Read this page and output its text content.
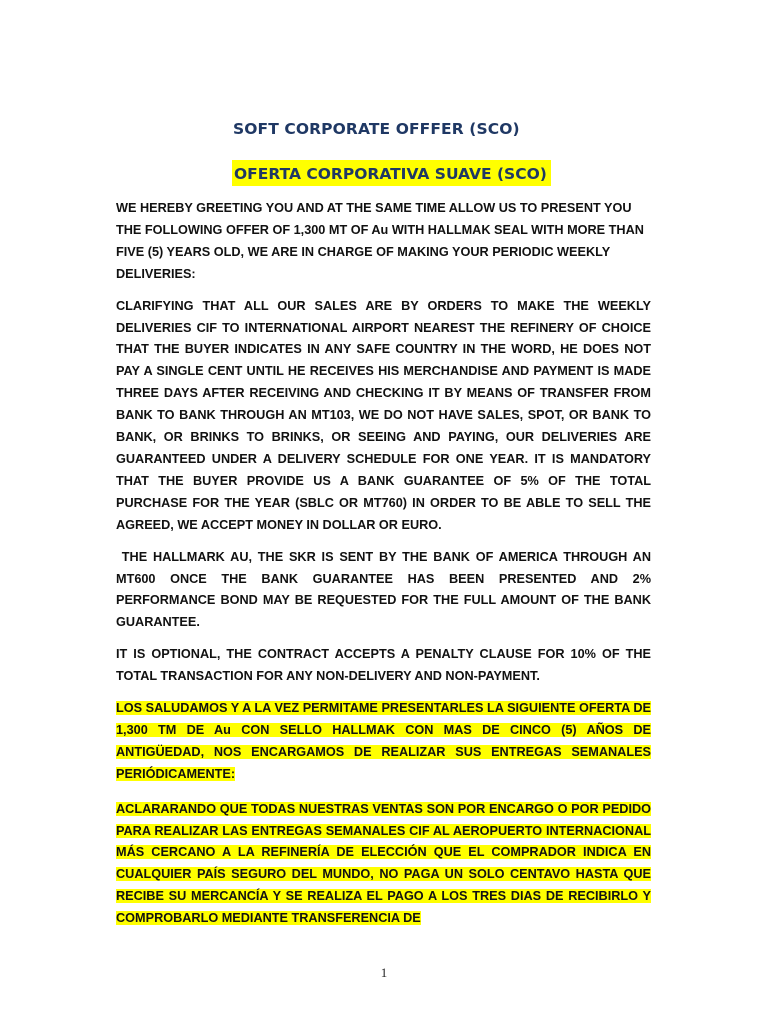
SOFT CORPORATE OFFFER (SCO)

OFERTA CORPORATIVA SUAVE (SCO)

WE HEREBY GREETING YOU AND AT THE SAME TIME ALLOW US TO PRESENT YOU THE FOLLOWING OFFER OF 1,300 MT OF Au WITH HALLMAK SEAL WITH MORE THAN FIVE (5) YEARS OLD, WE ARE IN CHARGE OF MAKING YOUR PERIODIC WEEKLY DELIVERIES:

CLARIFYING THAT ALL OUR SALES ARE BY ORDERS TO MAKE THE WEEKLY DELIVERIES CIF TO INTERNATIONAL AIRPORT NEAREST THE REFINERY OF CHOICE THAT THE BUYER INDICATES IN ANY SAFE COUNTRY IN THE WORD, HE DOES NOT PAY A SINGLE CENT UNTIL HE RECEIVES HIS MERCHANDISE AND PAYMENT IS MADE THREE DAYS AFTER RECEIVING AND CHECKING IT BY MEANS OF TRANSFER FROM BANK TO BANK THROUGH AN MT103, WE DO NOT HAVE SALES, SPOT, OR BANK TO BANK, OR BRINKS TO BRINKS, OR SEEING AND PAYING, OUR DELIVERIES ARE GUARANTEED UNDER A DELIVERY SCHEDULE FOR ONE YEAR. IT IS MANDATORY THAT THE BUYER PROVIDE US A BANK GUARANTEE OF 5% OF THE TOTAL PURCHASE FOR THE YEAR (SBLC OR MT760) IN ORDER TO BE ABLE TO SELL THE AGREED, WE ACCEPT MONEY IN DOLLAR OR EURO.

THE HALLMARK AU, THE SKR IS SENT BY THE BANK OF AMERICA THROUGH AN MT600 ONCE THE BANK GUARANTEE HAS BEEN PRESENTED AND 2% PERFORMANCE BOND MAY BE REQUESTED FOR THE FULL AMOUNT OF THE BANK GUARANTEE.

IT IS OPTIONAL, THE CONTRACT ACCEPTS A PENALTY CLAUSE FOR 10% OF THE TOTAL TRANSACTION FOR ANY NON-DELIVERY AND NON-PAYMENT.

LOS SALUDAMOS Y A LA VEZ PERMITAME PRESENTARLES LA SIGUIENTE OFERTA DE 1,300 TM DE Au CON SELLO HALLMAK CON MAS DE CINCO (5) AÑOS DE ANTIGÜEDAD, NOS ENCARGAMOS DE REALIZAR SUS ENTREGAS SEMANALES PERIÓDICAMENTE:

ACLARARANDO QUE TODAS NUESTRAS VENTAS SON POR ENCARGO O POR PEDIDO PARA REALIZAR LAS ENTREGAS SEMANALES CIF AL AEROPUERTO INTERNACIONAL MÁS CERCANO A LA REFINERÍA DE ELECCIÓN QUE EL COMPRADOR INDICA EN CUALQUIER PAÍS SEGURO DEL MUNDO, NO PAGA UN SOLO CENTAVO HASTA QUE RECIBE SU MERCANCÍA Y SE REALIZA EL PAGO A LOS TRES DIAS DE RECIBIRLO Y COMPROBARLO MEDIANTE TRANSFERENCIA DE

1
